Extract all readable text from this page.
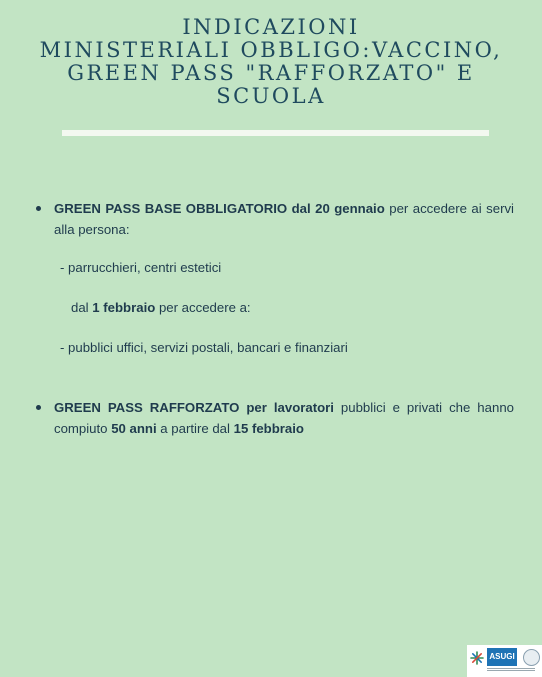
INDICAZIONI
MINISTERIALI OBBLIGO:VACCINO,
GREEN PASS "RAFFORZATO" E
SCUOLA
GREEN PASS BASE OBBLIGATORIO dal 20 gennaio per accedere ai servi alla persona:
- parrucchieri, centri estetici
dal 1 febbraio per accedere a:
- pubblici uffici, servizi postali, bancari e finanziari
GREEN PASS RAFFORZATO per lavoratori pubblici e privati che hanno compiuto 50 anni a partire dal 15 febbraio
ASUGI
